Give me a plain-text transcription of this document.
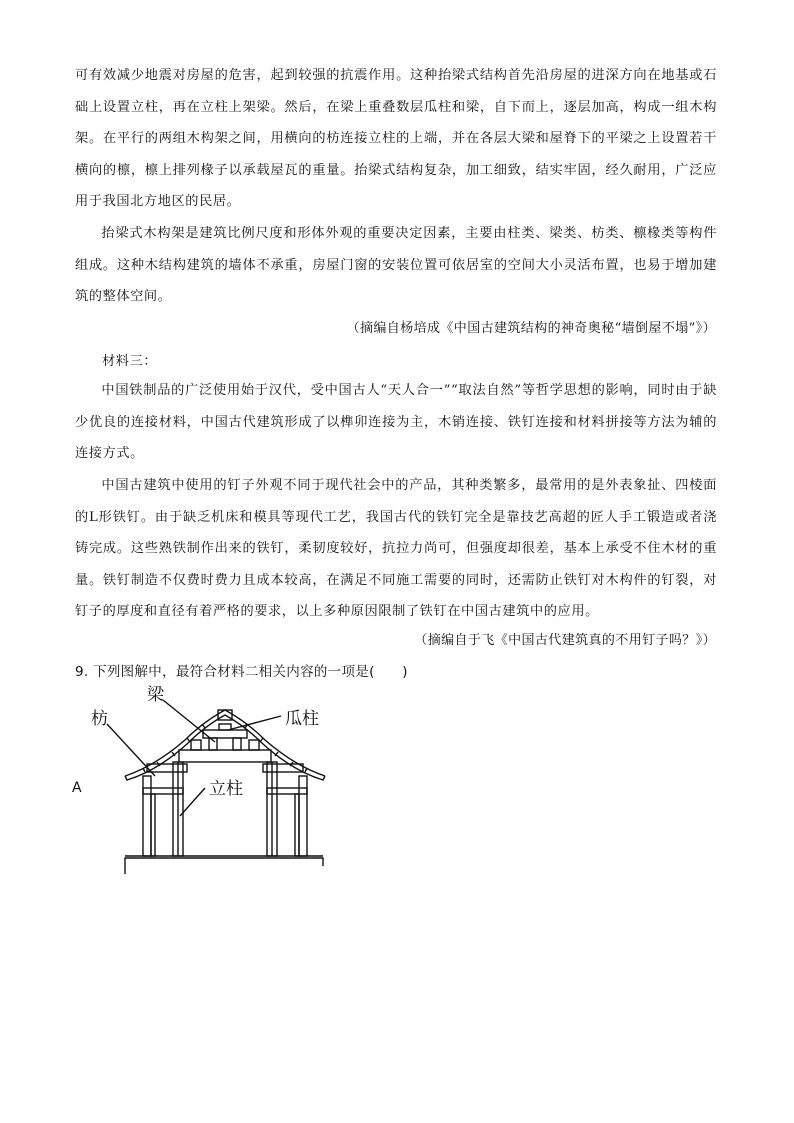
可有效减少地震对房屋的危害，起到较强的抗震作用。这种抬梁式结构首先沿房屋的进深方向在地基或石础上设置立柱，再在立柱上架梁。然后，在梁上重叠数层瓜柱和梁，自下而上，逐层加高，构成一组木构架。在平行的两组木构架之间，用横向的枋连接立柱的上端，并在各层大梁和屋脊下的平梁之上设置若干横向的檩，檩上排列椽子以承载屋瓦的重量。抬梁式结构复杂，加工细致，结实牢固，经久耐用，广泛应用于我国北方地区的民居。

抬梁式木构架是建筑比例尺度和形体外观的重要决定因素，主要由柱类、梁类、枋类、檩椽类等构件组成。这种木结构建筑的墙体不承重，房屋门窗的安装位置可依居室的空间大小灵活布置，也易于增加建筑的整体空间。

（摘编自杨培成《中国古建筑结构的神奇奥秘“墙倒屋不塌”》）
材料三：

中国铁制品的广泛使用始于汉代，受中国古人“天人合一”“取法自然”等哲学思想的影响，同时由于缺少优良的连接材料，中国古代建筑形成了以榫卯连接为主，木销连接、铁钉连接和材料拼接等方法为辅的连接方式。

中国古建筑中使用的钉子外观不同于现代社会中的产品，其种类繁多，最常用的是外表象扯、四棱面的L形铁钉。由于缺乏机床和模具等现代工艺，我国古代的铁钉完全是靠技艺高超的匠人手工锻造或者浇铸完成。这些熟铁制作出来的铁钉，柔韧度较好，抗拉力尚可，但强度却很差，基本上承受不住木材的重量。铁钉制造不仅费时费力且成本较高，在满足不同施工需要的同时，还需防止铁钉对木构件的钉裂，对钉子的厚度和直径有着严格的要求，以上多种原因限制了铁钉在中国古建筑中的应用。

（摘编自于飞《中国古代建筑真的不用钉子吗？》）
9. 下列图解中，最符合材料二相关内容的一项是(　　)
A
梁
枋	瓜柱
立柱
